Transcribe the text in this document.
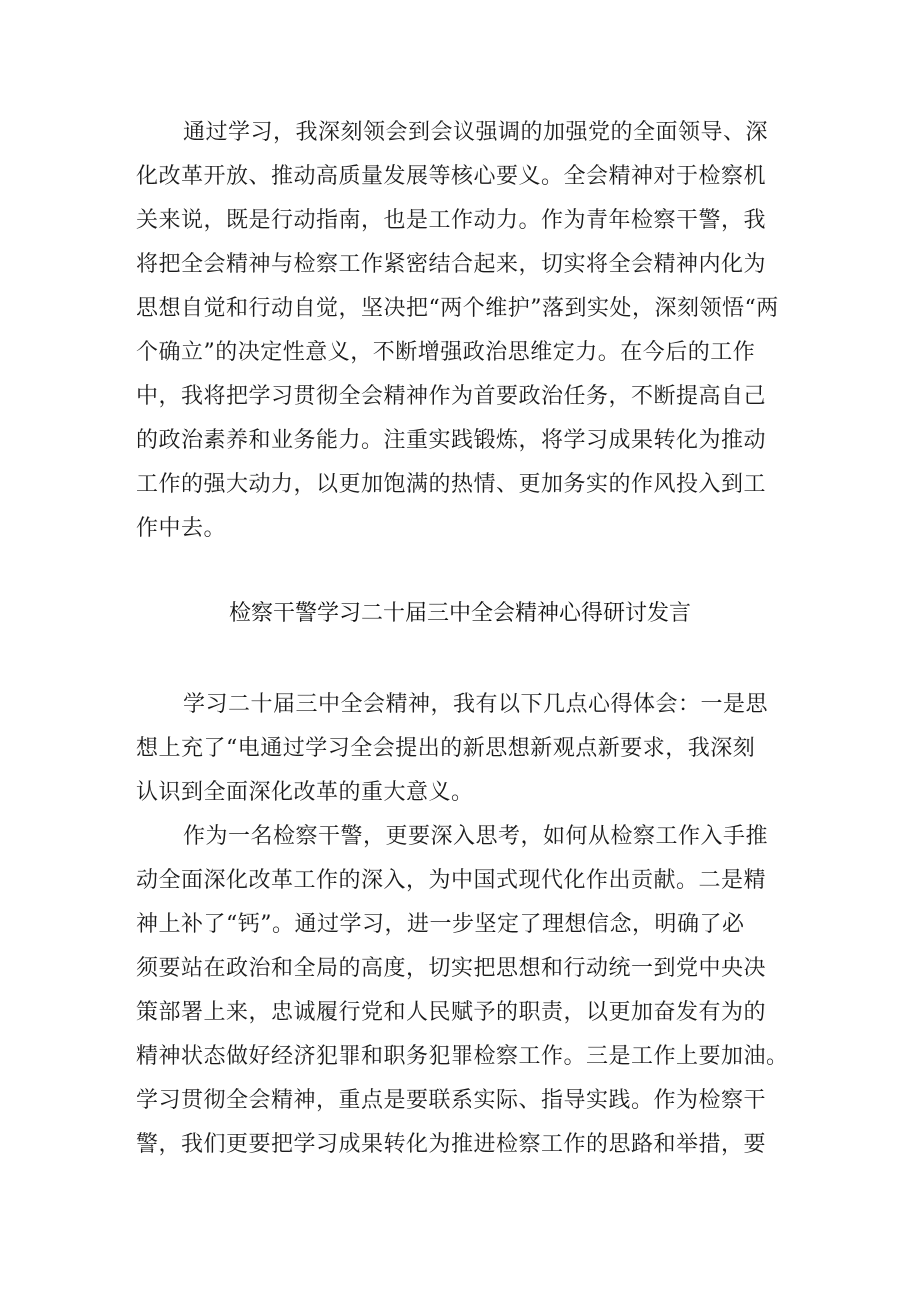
通过学习，我深刻领会到会议强调的加强党的全面领导、深

化改革开放、推动高质量发展等核心要义。全会精神对于检察机

关来说，既是行动指南，也是工作动力。作为青年检察干警，我

将把全会精神与检察工作紧密结合起来，切实将全会精神内化为

思想自觉和行动自觉，坚决把“两个维护”落到实处，深刻领悟“两

个确立”的决定性意义，不断增强政治思维定力。在今后的工作

中，我将把学习贯彻全会精神作为首要政治任务，不断提高自己

的政治素养和业务能力。注重实践锻炼，将学习成果转化为推动

工作的强大动力，以更加饱满的热情、更加务实的作风投入到工

作中去。

检察干警学习二十届三中全会精神心得研讨发言

学习二十届三中全会精神，我有以下几点心得体会：一是思

想上充了“电通过学习全会提出的新思想新观点新要求，我深刻

认识到全面深化改革的重大意义。

作为一名检察干警，更要深入思考，如何从检察工作入手推

动全面深化改革工作的深入，为中国式现代化作出贡献。二是精

神上补了“钙”。通过学习，进一步坚定了理想信念，明确了必

须要站在政治和全局的高度，切实把思想和行动统一到党中央决

策部署上来，忠诚履行党和人民赋予的职责，以更加奋发有为的

精神状态做好经济犯罪和职务犯罪检察工作。三是工作上要加油。

学习贯彻全会精神，重点是要联系实际、指导实践。作为检察干

警，我们更要把学习成果转化为推进检察工作的思路和举措，要
